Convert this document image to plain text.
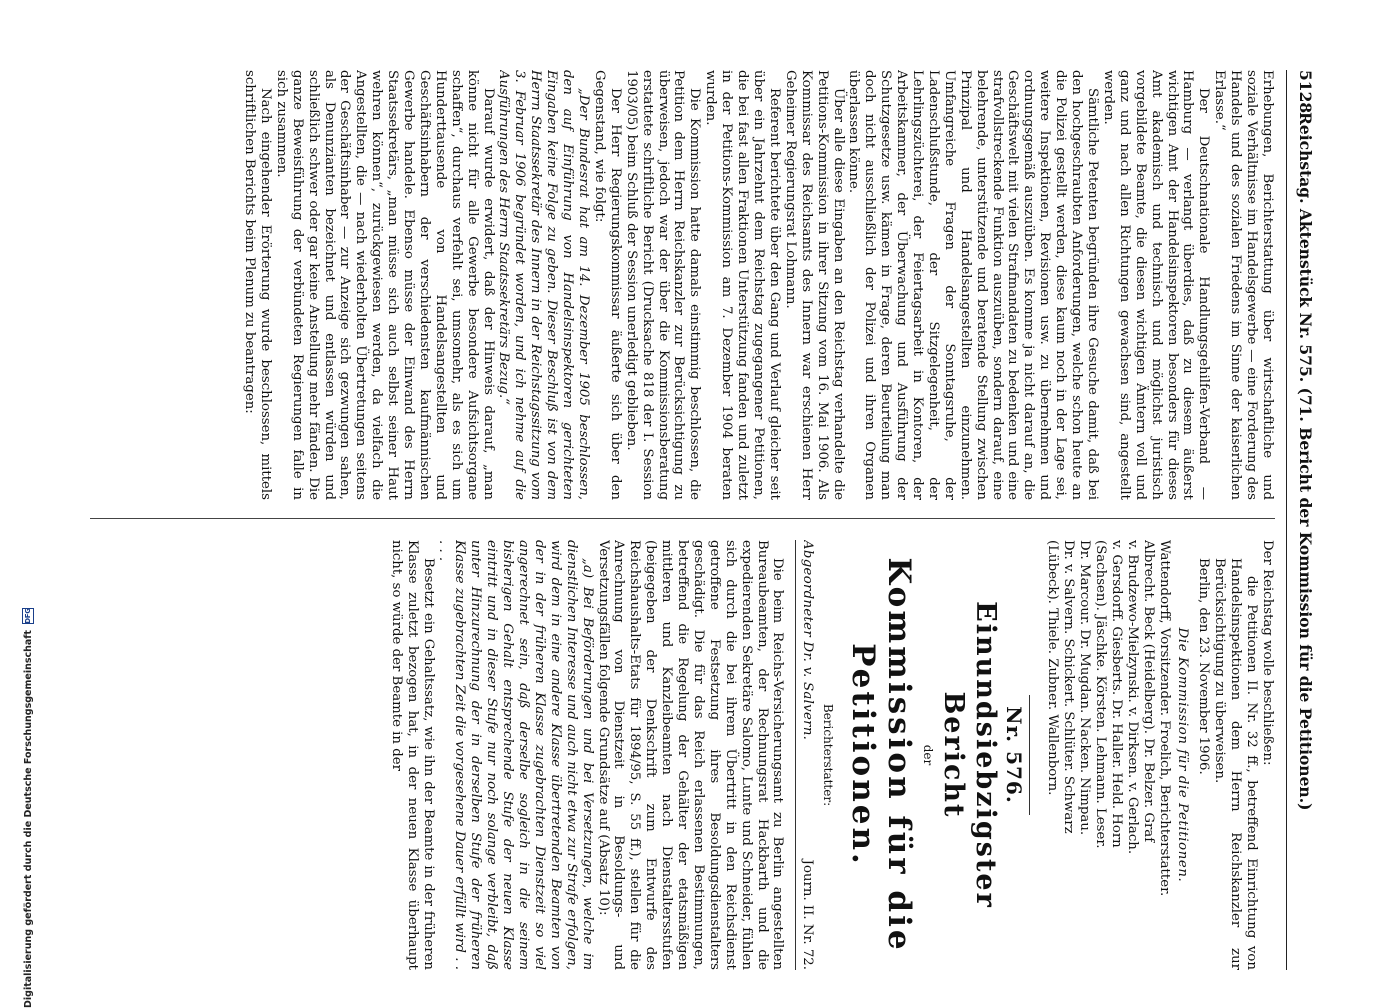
Digitalisierung gefördert durch die Deutsche Forschungsgemeinschaft
DFG
5128
Reichstag. Aktenstück Nr. 575. (71. Bericht der Kommission für die Petitionen.)

Erhebungen, Berichterstattung über wirtschaftliche und soziale Verhältnisse im Handelsgewerbe — eine Forderung des Handels und des sozialen Friedens im Sinne der kaiserlichen Erlasse.“

Der Deutschnationale Handlungsgehilfen-Verband — Hamburg — verlangt überdies, daß zu diesem äußerst wichtigen Amt der Handelsinspektoren besonders für dieses Amt akademisch und technisch und möglichst juristisch vorgebildete Beamte, die diesen wichtigen Ämtern voll und ganz und nach allen Richtungen gewachsen sind, angestellt werden.

Sämtliche Petenten begründen ihre Gesuche damit, daß bei den hochgeschraubten Anforderungen, welche schon heute an die Polizei gestellt werden, diese kaum noch in der Lage sei, weitere Inspektionen, Revisionen usw. zu übernehmen und ordnungsgemäß auszuüben. Es komme ja nicht darauf an, die Geschäftswelt mit vielen Strafmandaten zu bedenken und eine strafvollstreckende Funktion auszuüben, sondern darauf, eine belehrende, unterstützende und beratende Stellung zwischen Prinzipal und Handelsangestellten einzunehmen. Umfangreiche Fragen der Sonntagsruhe, der Ladenschlußstunde, der Sitzgelegenheit, der Lehrlingszüchterei, der Feiertagsarbeit in Kontoren, der Arbeitskammer, der Überwachung und Ausführung der Schutzgesetze usw. kämen in Frage, deren Beurteilung man doch nicht ausschließlich der Polizei und ihren Organen überlassen könne.

Über alle diese Eingaben an den Reichstag verhandelte die Petitions-Kommission in ihrer Sitzung vom 16. Mai 1906. Als Kommissar des Reichsamts des Innern war erschienen Herr Geheimer Regierungsrat Lohmann.

Referent berichtete über den Gang und Verlauf gleicher seit über ein Jahrzehnt dem Reichstag zugegangener Petitionen, die bei fast allen Fraktionen Unterstützung fanden und zuletzt in der Petitions-Kommission am 7. Dezember 1904 beraten wurden.

Die Kommission hatte damals einstimmig beschlossen, die Petition dem Herrn Reichskanzler zur Berücksichtigung zu überweisen, jedoch war der über die Kommissionsberatung erstattete schriftliche Bericht (Drucksache 818 der I. Session 1903/05) beim Schluß der Session unerledigt geblieben.

Der Herr Regierungskommissar äußerte sich über den Gegenstand, wie folgt:

„Der Bundesrat hat am 14. Dezember 1905 beschlossen, den auf Einführung von Handelsinspektoren gerichteten Eingaben keine Folge zu geben. Dieser Beschluß ist von dem Herrn Staatssekretär des Innern in der Reichstagssitzung vom 3. Februar 1906 begründet worden, und ich nehme auf die Ausführungen des Herrn Staatssekretärs Bezug.“

Darauf wurde erwidert, daß der Hinweis darauf, „man könne nicht für alle Gewerbe besondere Aufsichtsorgane schaffen“, durchaus verfehlt sei, umsomehr, als es sich um Hunderttausende von Handelsangestellten und Geschäftsinhabern der verschiedensten kaufmännischen Gewerbe handele. Ebenso müsse der Einwand des Herrn Staatssekretärs, „man müsse sich auch selbst seiner Haut wehren können“, zurückgewiesen werden, da vielfach die Angestellten, die — nach wiederholten Übertretungen seitens der Geschäftsinhaber — zur Anzeige sich gezwungen sahen, als Denunzianten bezeichnet und entlassen würden und schließlich schwer oder gar keine Anstellung mehr fänden. Die ganze Beweisführung der verbündeten Regierungen falle in sich zusammen.

Nach eingehender Erörterung wurde beschlossen, mittels schriftlichen Berichts beim Plenum zu beantragen:

Der Reichstag wolle beschließen:

die Petitionen II. Nr. 32 ff., betreffend Einrichtung von Handelsinspektionen dem Herrn Reichskanzler zur Berücksichtigung zu überweisen.

Berlin, den 23. November 1906.

Die Kommission für die Petitionen.

Wattendorff, Vorsitzender. Froelich, Berichterstatter.

Albrecht. Beck (Heidelberg). Dr. Belzer. Graf

v. Brudzewo-Mielzynski. v. Dirksen. v. Gerlach.

v. Gersdorff. Giesberts. Dr. Haller. Held. Horn

(Sachsen). Jäschke. Körsten. Lehmann. Leser.

Dr. Marcour. Dr. Mugdan. Nacken. Nimpau.

Dr. v. Salvern. Schickert. Schlüter. Schwarz

(Lübeck). Thiele. Zubner. Wallenborn.

Nr. 576.
Einundsiebzigster Bericht
der
Kommission für die Petitionen.
Berichterstatter:
Abgeordneter Dr. v. Salvern.
Journ. II. Nr. 72.

Die beim Reichs-Versicherungsamt zu Berlin angestellten Bureaubeamten, der Rechnungsrat Hackbarth und die expedierenden Sekretäre Salomo, Lunte und Schneider, fühlen sich durch die bei ihrem Übertritt in den Reichsdienst getroffene Festsetzung ihres Besoldungsdienstalters geschädigt. Die für das Reich erlassenen Bestimmungen, betreffend die Regelung der Gehälter der etatsmäßigen mittleren und Kanzleibeamten nach Dienstaltersstufen (beigegeben der Denkschrift zum Entwurfe des Reichshaushalts-Etats für 1894/95, S. 55 ff.), stellen für die Anrechnung von Dienstzeit in Besoldungs- und Versetzungsfällen folgende Grundsätze auf (Absatz 10):

„a) Bei Beförderungen und bei Versetzungen, welche im dienstlichen Interesse und auch nicht etwa zur Strafe erfolgen, wird dem in eine andere Klasse übertretenden Beamten von der in der früheren Klasse zugebrachten Dienstzeit so viel angerechnet sein, daß derselbe sogleich in die seinem bisherigen Gehalt entsprechende Stufe der neuen Klasse eintritt und in dieser Stufe nur noch solange verbleibt, daß unter Hinzurechnung der in derselben Stufe der früheren Klasse zugebrachten Zeit die vorgesehene Dauer erfüllt wird . . . . .

Besetzt ein Gehaltssatz, wie ihn der Beamte in der früheren Klasse zuletzt bezogen hat, in der neuen Klasse überhaupt nicht, so würde der Beamte in der
